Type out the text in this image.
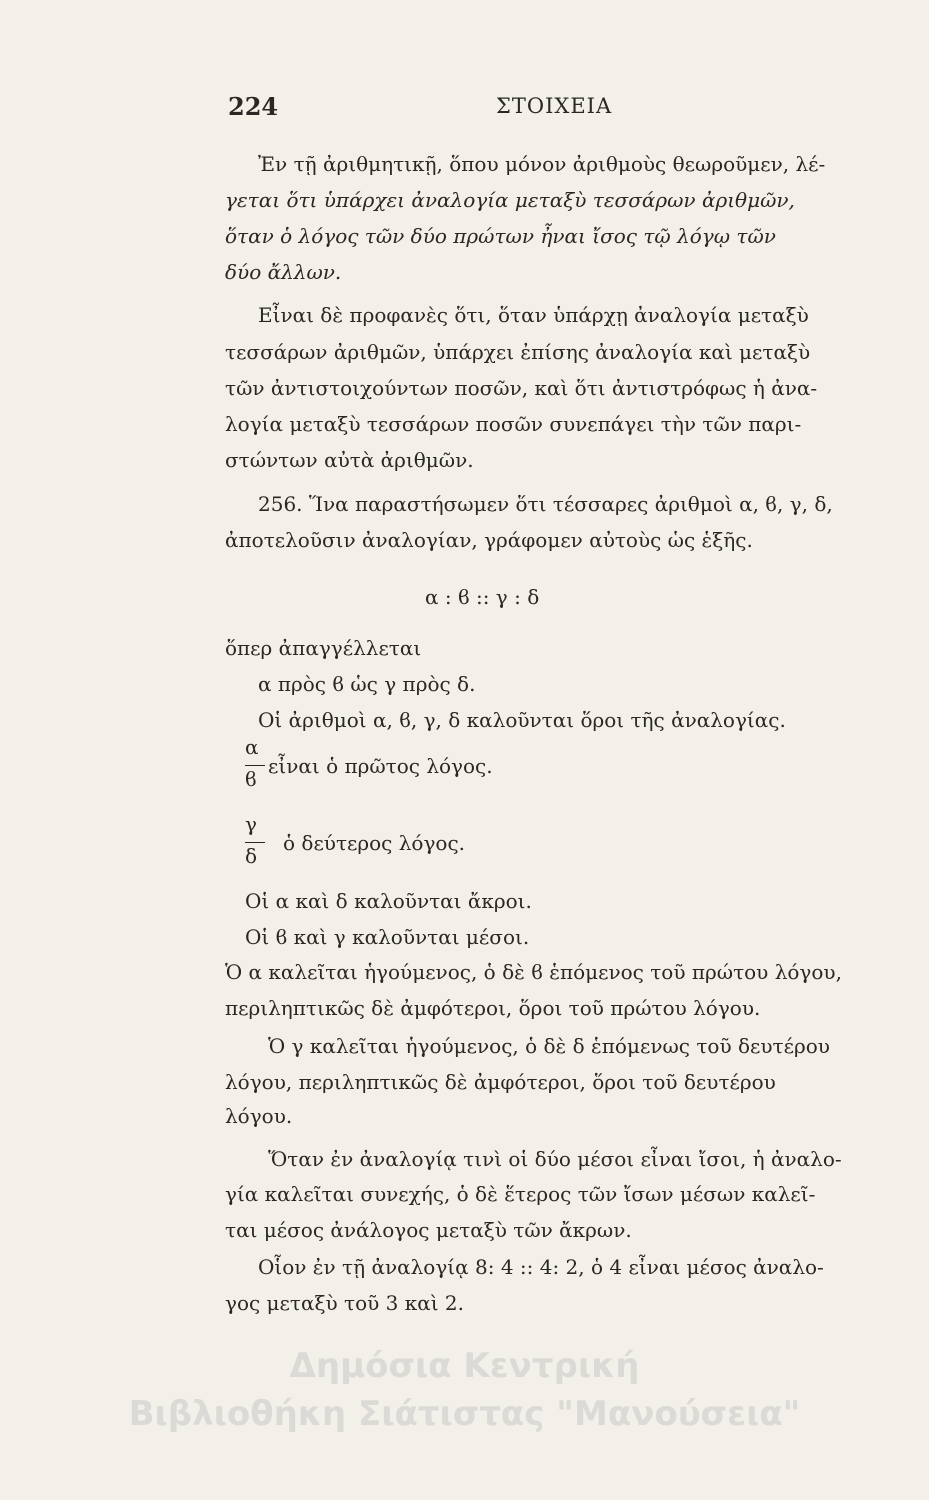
224	ΣΤΟΙΧΕΙΑ
Ἐν τῇ ἀριθμητικῇ, ὅπου μόνον ἀριθμοὺς θεωροῦμεν, λέ-
γεται ὅτι ὑπάρχει ἀναλογία μεταξὺ τεσσάρων ἀριθμῶν,
ὅταν ὁ λόγος τῶν δύο πρώτων ἦναι ἴσος τῷ λόγῳ τῶν
δύο ἄλλων.
Εἶναι δὲ προφανὲς ὅτι, ὅταν ὑπάρχῃ ἀναλογία μεταξὺ
τεσσάρων ἀριθμῶν, ὑπάρχει ἐπίσης ἀναλογία καὶ μεταξὺ
τῶν ἀντιστοιχούντων ποσῶν, καὶ ὅτι ἀντιστρόφως ἡ ἀνα-
λογία μεταξὺ τεσσάρων ποσῶν συνεπάγει τὴν τῶν παρι-
στώντων αὐτὰ ἀριθμῶν.
256. Ἵνα παραστήσωμεν ὅτι τέσσαρες ἀριθμοὶ α, ϐ, γ, δ,
ἀποτελοῦσιν ἀναλογίαν, γράφομεν αὐτοὺς ὡς ἑξῆς.
α : ϐ :: γ : δ
ὅπερ ἀπαγγέλλεται
α πρὸς ϐ ὡς γ πρὸς δ.
Οἱ ἀριθμοὶ α, ϐ, γ, δ καλοῦνται ὅροι τῆς ἀναλογίας.
α
ϐ
εἶναι ὁ πρῶτος λόγος.
γ
δ
ὁ δεύτερος λόγος.
Οἱ α καὶ δ καλοῦνται ἄκροι.
Οἱ ϐ καὶ γ καλοῦνται μέσοι.
Ὁ α καλεῖται ἡγούμενος, ὁ δὲ ϐ ἑπόμενος τοῦ πρώτου λόγου,
περιληπτικῶς δὲ ἀμφότεροι, ὅροι τοῦ πρώτου λόγου.
Ὁ γ καλεῖται ἡγούμενος, ὁ δὲ δ ἑπόμενως τοῦ δευτέρου
λόγου, περιληπτικῶς δὲ ἀμφότεροι, ὅροι τοῦ δευτέρου
λόγου.
Ὅταν ἐν ἀναλογίᾳ τινὶ οἱ δύο μέσοι εἶναι ἴσοι, ἡ ἀναλο-
γία καλεῖται συνεχής, ὁ δὲ ἕτερος τῶν ἴσων μέσων καλεῖ-
ται μέσος ἀνάλογος μεταξὺ τῶν ἄκρων.
Οἷον ἐν τῇ ἀναλογίᾳ 8: 4 :: 4: 2, ὁ 4 εἶναι μέσος ἀναλο-
γος μεταξὺ τοῦ 3 καὶ 2.
Δημόσια Κεντρική
Βιβλιοθήκη Σιάτιστας "Μανούσεια"
